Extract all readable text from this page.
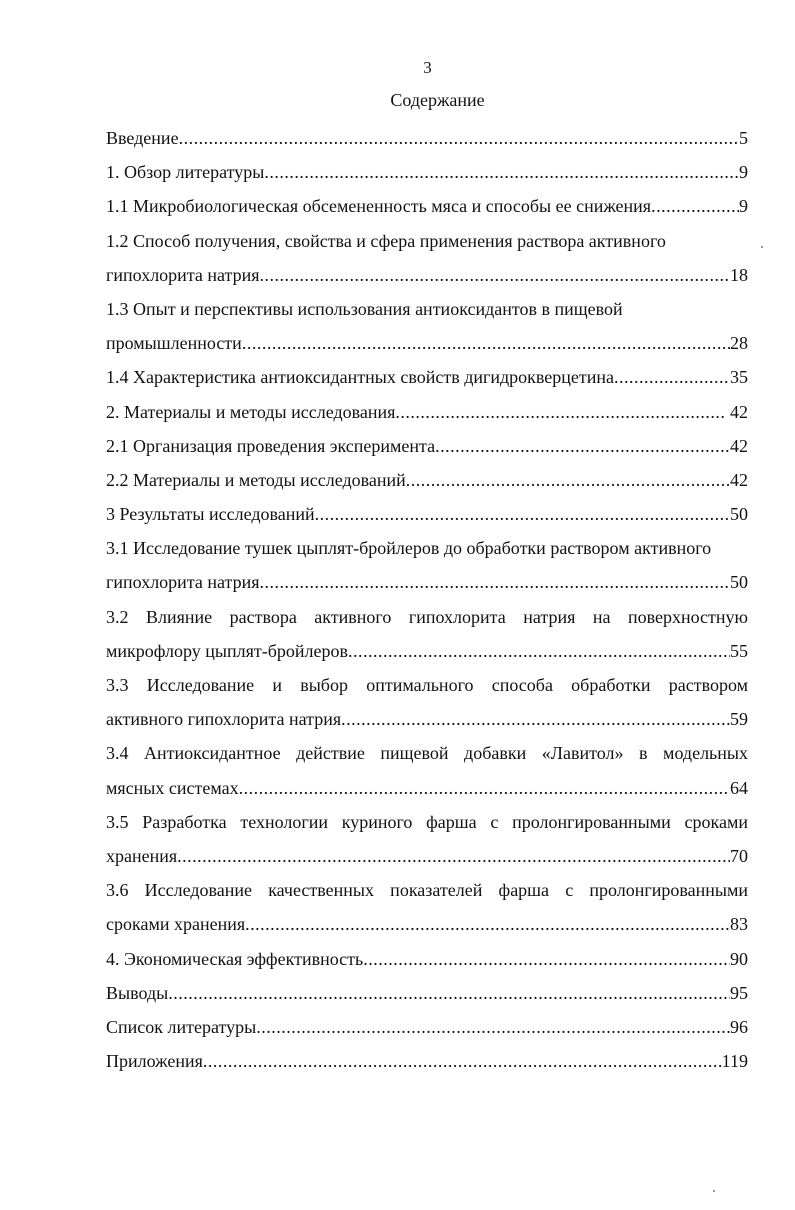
3
Содержание
Введение .....	5
1. Обзор литературы .....	9
1.1 Микробиологическая обсемененность мяса и способы ее снижения .....	9
1.2 Способ получения, свойства и сфера применения раствора активного
гипохлорита натрия .....	18
1.3 Опыт и перспективы использования антиоксидантов в пищевой
промышленности .....	28
1.4 Характеристика антиоксидантных свойств дигидрокверцетина .....	35
2. Материалы и методы исследования .....	42
2.1 Организация проведения эксперимента .....	42
2.2 Материалы и методы исследований .....	42
3 Результаты исследований .....	50
3.1 Исследование тушек цыплят-бройлеров до обработки раствором активного
гипохлорита натрия .....	50
3.2 Влияние раствора активного гипохлорита натрия на поверхностную
микрофлору цыплят-бройлеров .....	55
3.3 Исследование и выбор оптимального способа обработки раствором
активного гипохлорита натрия .....	59
3.4 Антиоксидантное действие пищевой добавки «Лавитол» в модельных
мясных системах .....	64
3.5 Разработка технологии куриного фарша с пролонгированными сроками
хранения .....	70
3.6 Исследование качественных показателей фарша с пролонгированными
сроками хранения .....	83
4. Экономическая эффективность .....	90
Выводы .....	95
Список литературы .....	96
Приложения .....	119
